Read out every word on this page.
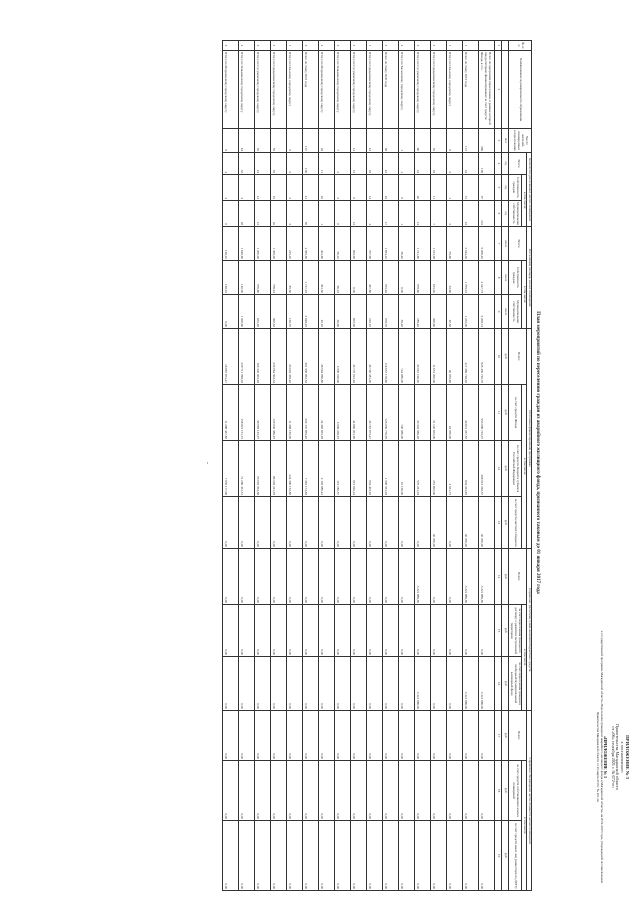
ПРИЛОЖЕНИЕ № 3
к постановлению
Правительства Магаданской области
от «06» сентября 2021 г. № 672-пп
«ПРИЛОЖЕНИЕ № 3
к государственной программе Магаданской области «Переселение граждан из аварийного жилищного фонда в Магаданской области» на 2019-2025 годы, утвержденной постановлением Правительства Магаданской области от 29 марта 2019 г. № 201-пп
План мероприятий по переселению граждан из аварийного жилищного фонда, признанного таковым до 01 января 2017 года
№ п/п	Наименование муниципального образования	Число жителей, планируемых к переселению	Количество расселяемых жилых помещений			Расселяемая площадь жилых помещений			Источники финансирования программы				Справочно: Расчетная сумма экономии бюджетных средств			Справочно: Возмещение части стоимости жилых помещений		
			Всего	в том числе:		Всего	в том числе:		Всего:	в том числе:			Всего:	в том числе:		Всего:	в том числе:	
				Собственность граждан	Муниципальная собственность		Собственность граждан	Муниципальная собственность		за счет средств Фонда	за счет средств бюджета субъекта Российской Федерации	за счет средств местного бюджета		за счет переселения граждан по договору о развитии застроенной территории	за счет переселения граждан в свободный муниципальный жилищный фонд		за счет средств собственников жилых помещений	за счет средств иных лиц (инвестора по ДРЗТ)
		чел.	ед.	ед.	ед.	кв.м	кв.м	кв.м	руб.	руб.	руб.	руб.	руб.	руб.	руб.	руб.	руб.	руб.
1	2	3	4	5	6	7	8	9	10	11	12	13	14	15	16	17	18	19
	Всего по программе переселения, в рамках которой предусмотрено финансирование за счет средств Фонда, в т.ч.:	366	198	97	101	9 006,49	4 347,75	5 208,74	825 456 720,76	553 086 725,07	208 913 226,57	40 250,00	3 221 886,56	0,00	3 221 886,00	0,00	0,00	0,00
1	Всего по этапу 2019 года	172	34	31	23	2 942,30	1 705,01	1 232,00	417 366 718,20	40 872 237,55	834 324,65	40 250,00	3 221 886,56	0,00	3 221 886,00	0,00	0,00	0,00
1	Итого по Ольскому городскому округу	6	3	1	2	95,60	53,60	49,50	20 935,60	23 939,00	4 521,75	0,00	0,00	0,00	0,00	0,00	0,00	0,00
2	Итого по Среднеканскому городскому округу	35	18	11	7	1 012,98	615,20	396,60	11 651 200,00	51 120 633,06	251 893,00	40 250,00	0,00	0,00	0,00	0,00	0,00	0,00
3	Итого по Сусуманскому городскому округу	80	34	20	14	1 741,80	978,80	786,40	29 961 196,20	29 342 566,28	579 231,04	0,00	3 221 886,56	0,00	3 221 886,00	0,00	0,00	0,00
4	Итого по Хасынскому городскому округу	1	1	0	1	36,40	0,00	36,40	744 080,00	740 080,00	10 138,00	0,00	0,00	0,00	0,00	0,00	0,00	0,00
2	Всего по этапу 2020 года	58	42	25	17	1 894,10	915,40	978,70	116 657 178,60	125 050 776,95	1 906 551,03	0,00	0,00	0,00	0,00	0,00	0,00	0,00
1	Итого по Среднеканскому городскому округу	24	18	14	4	707,96	497,80	210,10	46 720 281,00	45 781 875,47	934 405,63	0,00	0,00	0,00	0,00	0,00	0,00	0,00
2	Итого по Сусуманскому городскому округу	14	13	0	13	693,90	0,00	693,90	45 770 012,20	44 860 091,96	915 920,24	0,00	0,00	0,00	0,00	0,00	0,00	0,00
3	Итого по Тенькинскому городскому округу	7	2	2	0	96,10	96,10	36,60	5 990 018,00	5 906 238,25	119 780,37	0,00	0,00	0,00	0,00	0,00	0,00	0,00
4	Итого по Ягоднинскому городскому округу	18	11	10	1	401,60	361,50	40,10	28 584 966,80	24 482 832,28	2 105 986,42	0,00	0,00	0,00	0,00	0,00	0,00	0,00
3	Всего по этапу 2021 года	107	100	41	59	4 565,50	1 717,25	2 848,25	301 556 853,52	292 170 855,49	7 381 174,83	0,00	0,00	0,00	0,00	0,00	0,00	0,00
1	Итого по Ольскому городскому округу	9	5	2	3	215,20	85,50	128,70	20 022 458,40	11 388 165,90	224 380 153,80	0,00	0,00	0,00	0,00	0,00	0,00	0,00
2	Итого по Среднеканскому городскому округу	55	35	19	16	1 399,00	798,45	500,62	235 964 503,34	129 036 580,25	86 203 341,05	0,00	0,00	0,00	0,00	0,00	0,00	0,00
3	Итого по Сусуманскому городскому округу	35	24	12	12	1 209,00	576,80	632,20	165 349 003,28	58 985 125,97	95 992 394,38	0,00	0,00	0,00	0,00	0,00	0,00	0,00
4	Итого по Тенькинскому городскому округу	64	32	4	28	1 646,60	140,00	1 506,60	229 711 968,03	158 821 151,72	71 286 451,31	0,00	0,00	0,00	0,00	0,00	0,00	0,00
5	Итого по Ягоднинскому городскому округу	8	4	4	0	138,10	138,10	0,00	18 887 874,47	11 288 437,69	7 659 177,06	0,00	0,00	0,00	0,00	0,00	0,00	0,00
-
